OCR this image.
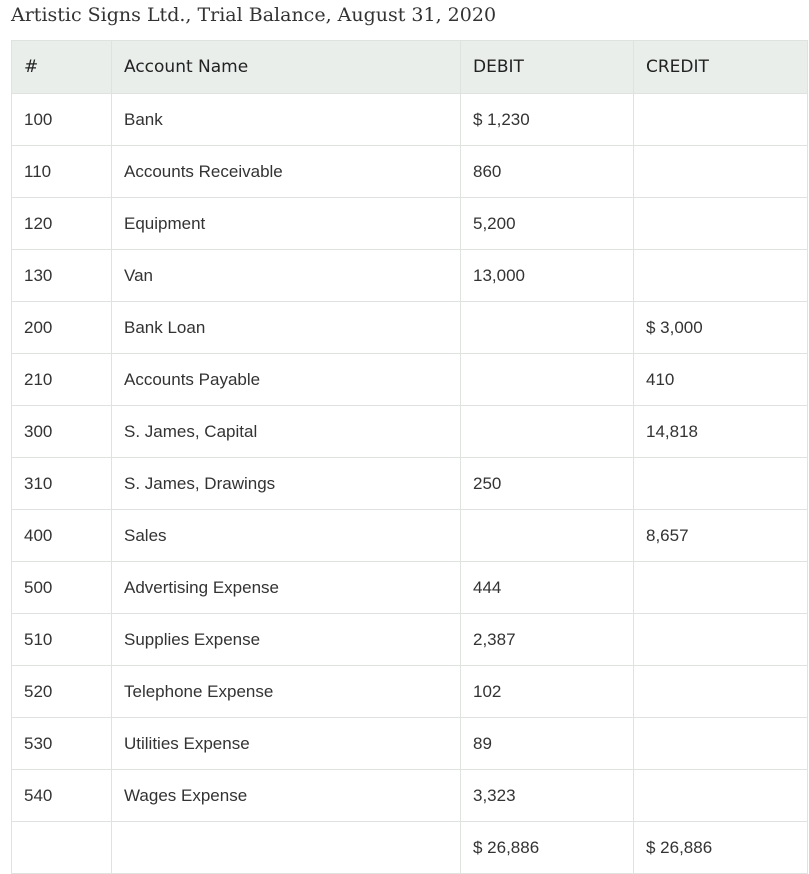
Artistic Signs Ltd., Trial Balance, August 31, 2020
#	Account Name	DEBIT	CREDIT
100	Bank	$ 1,230	
110	Accounts Receivable	860	
120	Equipment	5,200	
130	Van	13,000	
200	Bank Loan		$ 3,000
210	Accounts Payable		410
300	S. James, Capital		14,818
310	S. James, Drawings	250	
400	Sales		8,657
500	Advertising Expense	444	
510	Supplies Expense	2,387	
520	Telephone Expense	102	
530	Utilities Expense	89	
540	Wages Expense	3,323	
		$ 26,886	$ 26,886
